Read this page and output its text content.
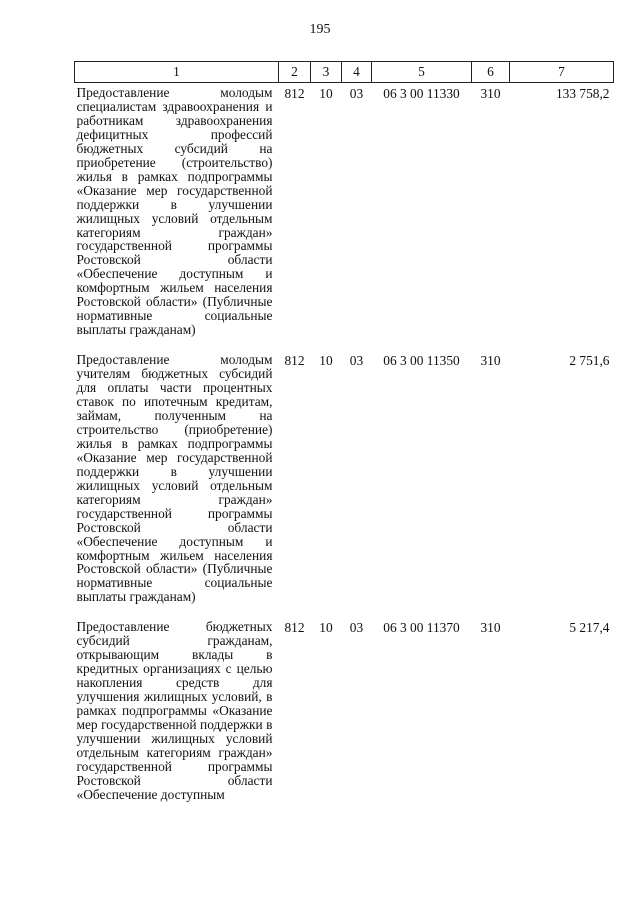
195
1	2	3	4	5	6	7
Предоставление молодым специалистам здравоохранения и работникам здравоохранения дефицитных профессий бюджетных субсидий на приобретение (строительство) жилья в рамках подпрограммы «Оказание мер государственной поддержки в улучшении жилищных условий отдельным категориям граждан» государственной программы Ростовской области «Обеспечение доступным и комфортным жильем населения Ростовской области» (Публичные нормативные социальные выплаты гражданам)	812	10	03	06 3 00 11330	310	133 758,2
Предоставление молодым учителям бюджетных субсидий для оплаты части процентных ставок по ипотечным кредитам, займам, полученным на строительство (приобретение) жилья в рамках подпрограммы «Оказание мер государственной поддержки в улучшении жилищных условий отдельным категориям граждан» государственной программы Ростовской области «Обеспечение доступным и комфортным жильем населения Ростовской области» (Публичные нормативные социальные выплаты гражданам)	812	10	03	06 3 00 11350	310	2 751,6
Предоставление бюджетных субсидий гражданам, открывающим вклады в кредитных организациях с целью накопления средств для улучшения жилищных условий, в рамках подпрограммы «Оказание мер государственной поддержки в улучшении жилищных условий отдельным категориям граждан» государственной программы Ростовской области «Обеспечение доступным	812	10	03	06 3 00 11370	310	5 217,4
